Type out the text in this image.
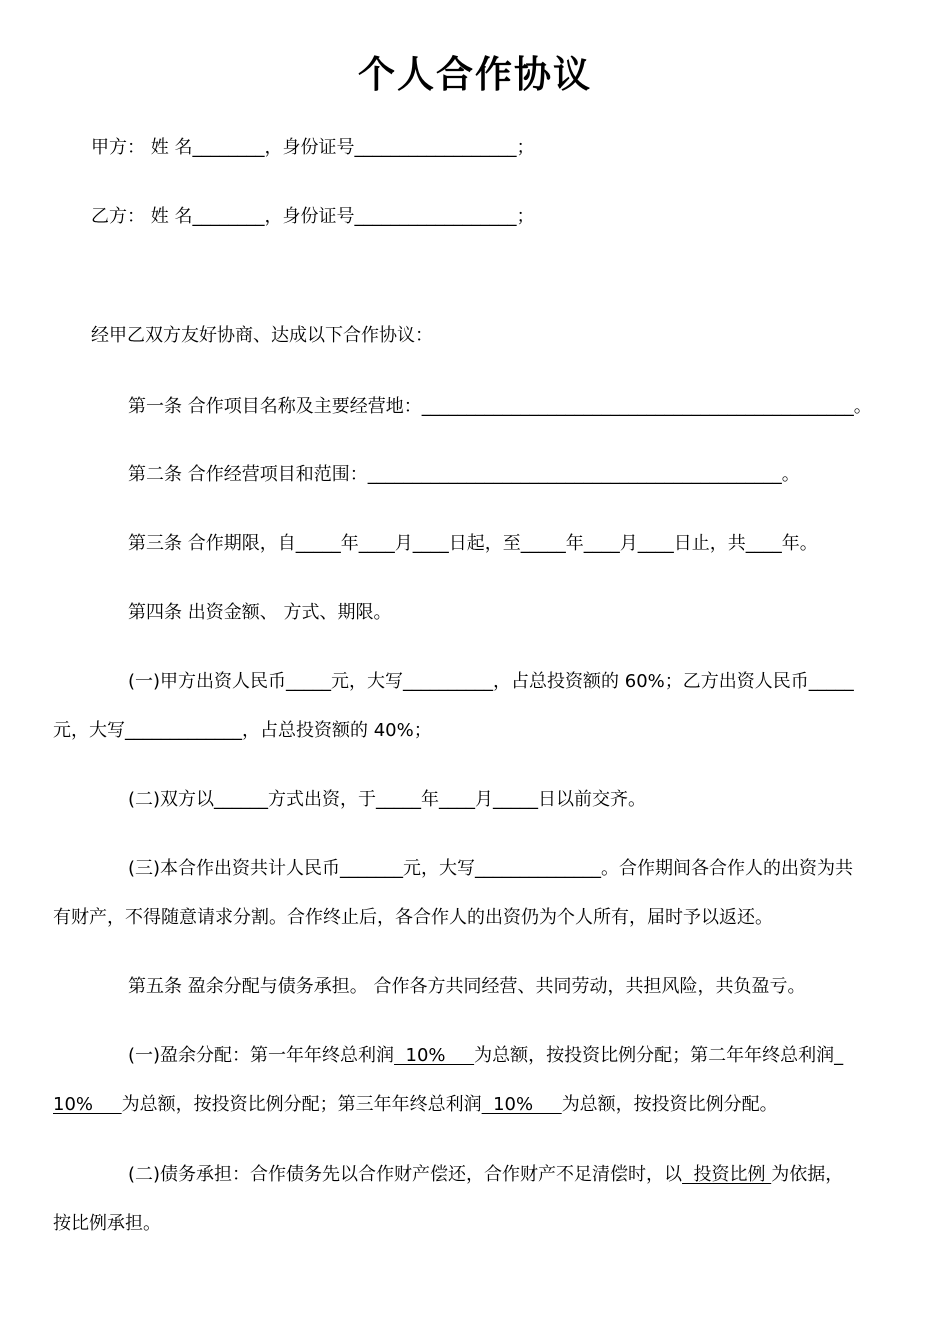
个人合作协议
甲方： 姓 名________，身份证号__________________；
乙方： 姓 名________，身份证号__________________；
经甲乙双方友好协商、达成以下合作协议：
第一条 合作项目名称及主要经营地：________________________________________________。
第二条 合作经营项目和范围：______________________________________________。
第三条 合作期限，自_____年____月____日起，至_____年____月____日止，共____年。
第四条 出资金额、 方式、期限。
(一)甲方出资人民币_____元，大写__________，占总投资额的 60%；乙方出资人民币_____
元，大写_____________，占总投资额的 40%；
(二)双方以______方式出资，于_____年____月_____日以前交齐。
(三)本合作出资共计人民币_______元，大写______________。合作期间各合作人的出资为共
有财产，不得随意请求分割。合作终止后，各合作人的出资仍为个人所有，届时予以返还。
第五条 盈余分配与债务承担。 合作各方共同经营、共同劳动，共担风险，共负盈亏。
(一)盈余分配：第一年年终总利润  10%     为总额，按投资比例分配；第二年年终总利润_
10%     为总额，按投资比例分配；第三年年终总利润  10%     为总额，按投资比例分配。
(二)债务承担：合作债务先以合作财产偿还，合作财产不足清偿时，以  投资比例 为依据，
按比例承担。
